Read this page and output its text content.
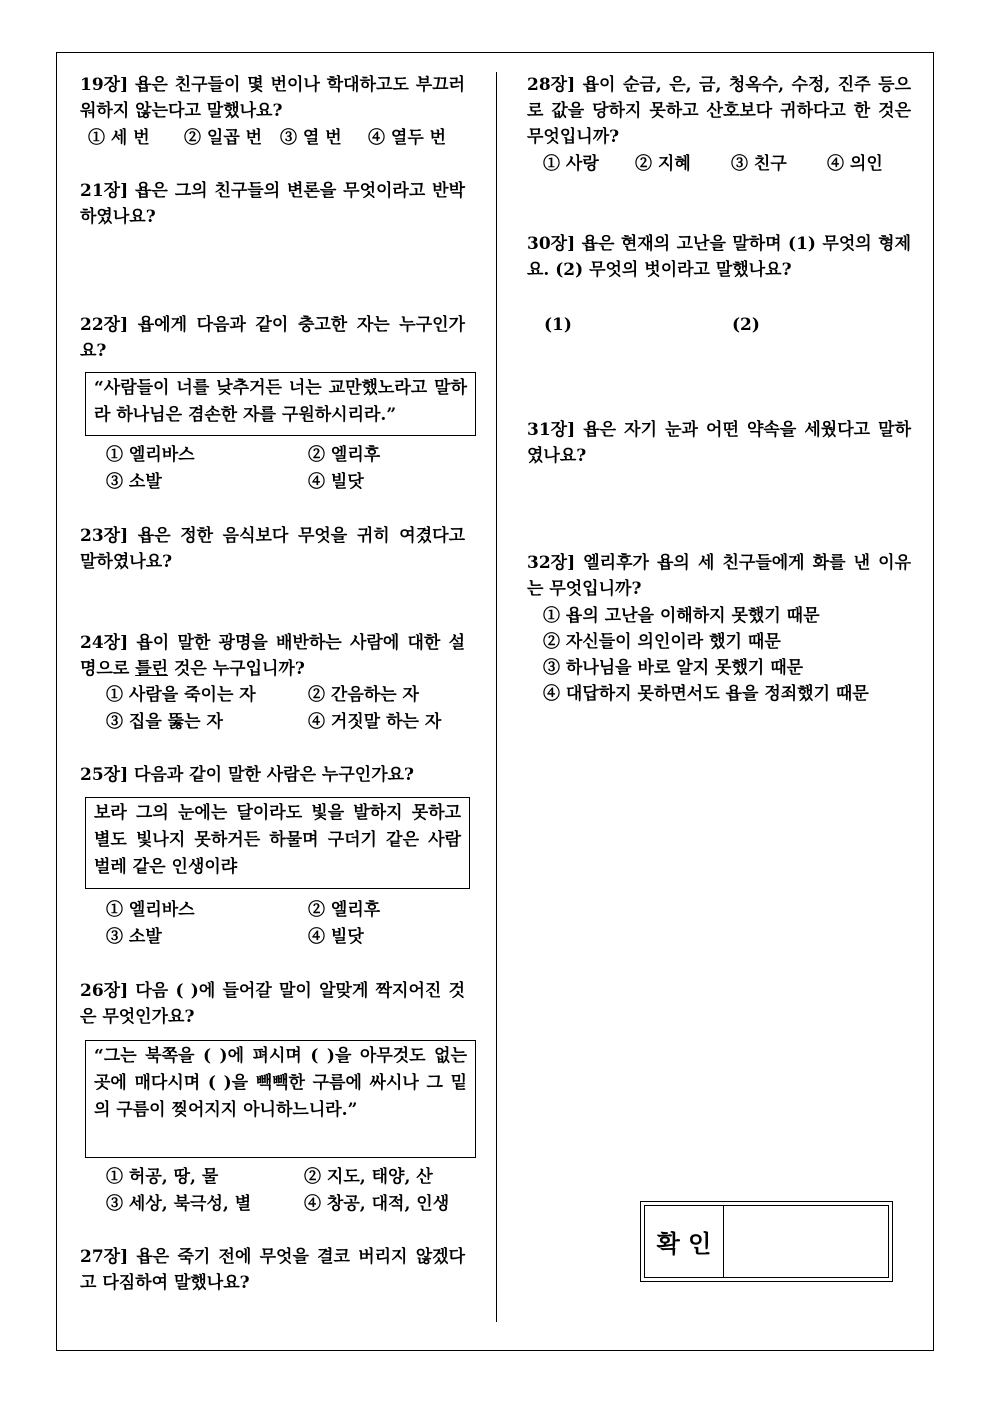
19장] 욥은 친구들이 몇 번이나 학대하고도 부끄러워하지 않는다고 말했나요?

① 세 번 ② 일곱 번 ③ 열 번 ④ 열두 번

21장] 욥은 그의 친구들의 변론을 무엇이라고 반박하였나요?

22장] 욥에게 다음과 같이 충고한 자는 누구인가요?

“사람들이 너를 낮추거든 너는 교만했노라고 말하라 하나님은 겸손한 자를 구원하시리라.”
① 엘리바스	② 엘리후
③ 소발	④ 빌닷

23장] 욥은 정한 음식보다 무엇을 귀히 여겼다고 말하였나요?

24장] 욥이 말한 광명을 배반하는 사람에 대한 설명으로 틀린 것은 누구입니까?

① 사람을 죽이는 자	② 간음하는 자
③ 집을 뚫는 자	④ 거짓말 하는 자

25장] 다음과 같이 말한 사람은 누구인가요?

보라 그의 눈에는 달이라도 빛을 발하지 못하고 별도 빛나지 못하거든 하물며 구더기 같은 사람 벌레 같은 인생이랴
① 엘리바스	② 엘리후
③ 소발	④ 빌닷

26장] 다음 ( )에 들어갈 말이 알맞게 짝지어진 것은 무엇인가요?

“그는 북쪽을 ( )에 펴시며 ( )을 아무것도 없는 곳에 매다시며 ( )을 빽빽한 구름에 싸시나 그 밑의 구름이 찢어지지 아니하느니라.”
① 허공, 땅, 물	② 지도, 태양, 산
③ 세상, 북극성, 별	④ 창공, 대적, 인생

27장] 욥은 죽기 전에 무엇을 결코 버리지 않겠다고 다짐하여 말했나요?

28장] 욥이 순금, 은, 금, 청옥수, 수정, 진주 등으로 값을 당하지 못하고 산호보다 귀하다고 한 것은 무엇입니까?

① 사랑 ② 지혜 ③ 친구 ④ 의인

30장] 욥은 현재의 고난을 말하며 (1) 무엇의 형제요. (2) 무엇의 벗이라고 말했나요?

(1)	(2)

31장] 욥은 자기 눈과 어떤 약속을 세웠다고 말하였나요?

32장] 엘리후가 욥의 세 친구들에게 화를 낸 이유는 무엇입니까?

① 욥의 고난을 이해하지 못했기 때문
② 자신들이 의인이라 했기 때문
③ 하나님을 바로 알지 못했기 때문
④ 대답하지 못하면서도 욥을 정죄했기 때문
확 인
